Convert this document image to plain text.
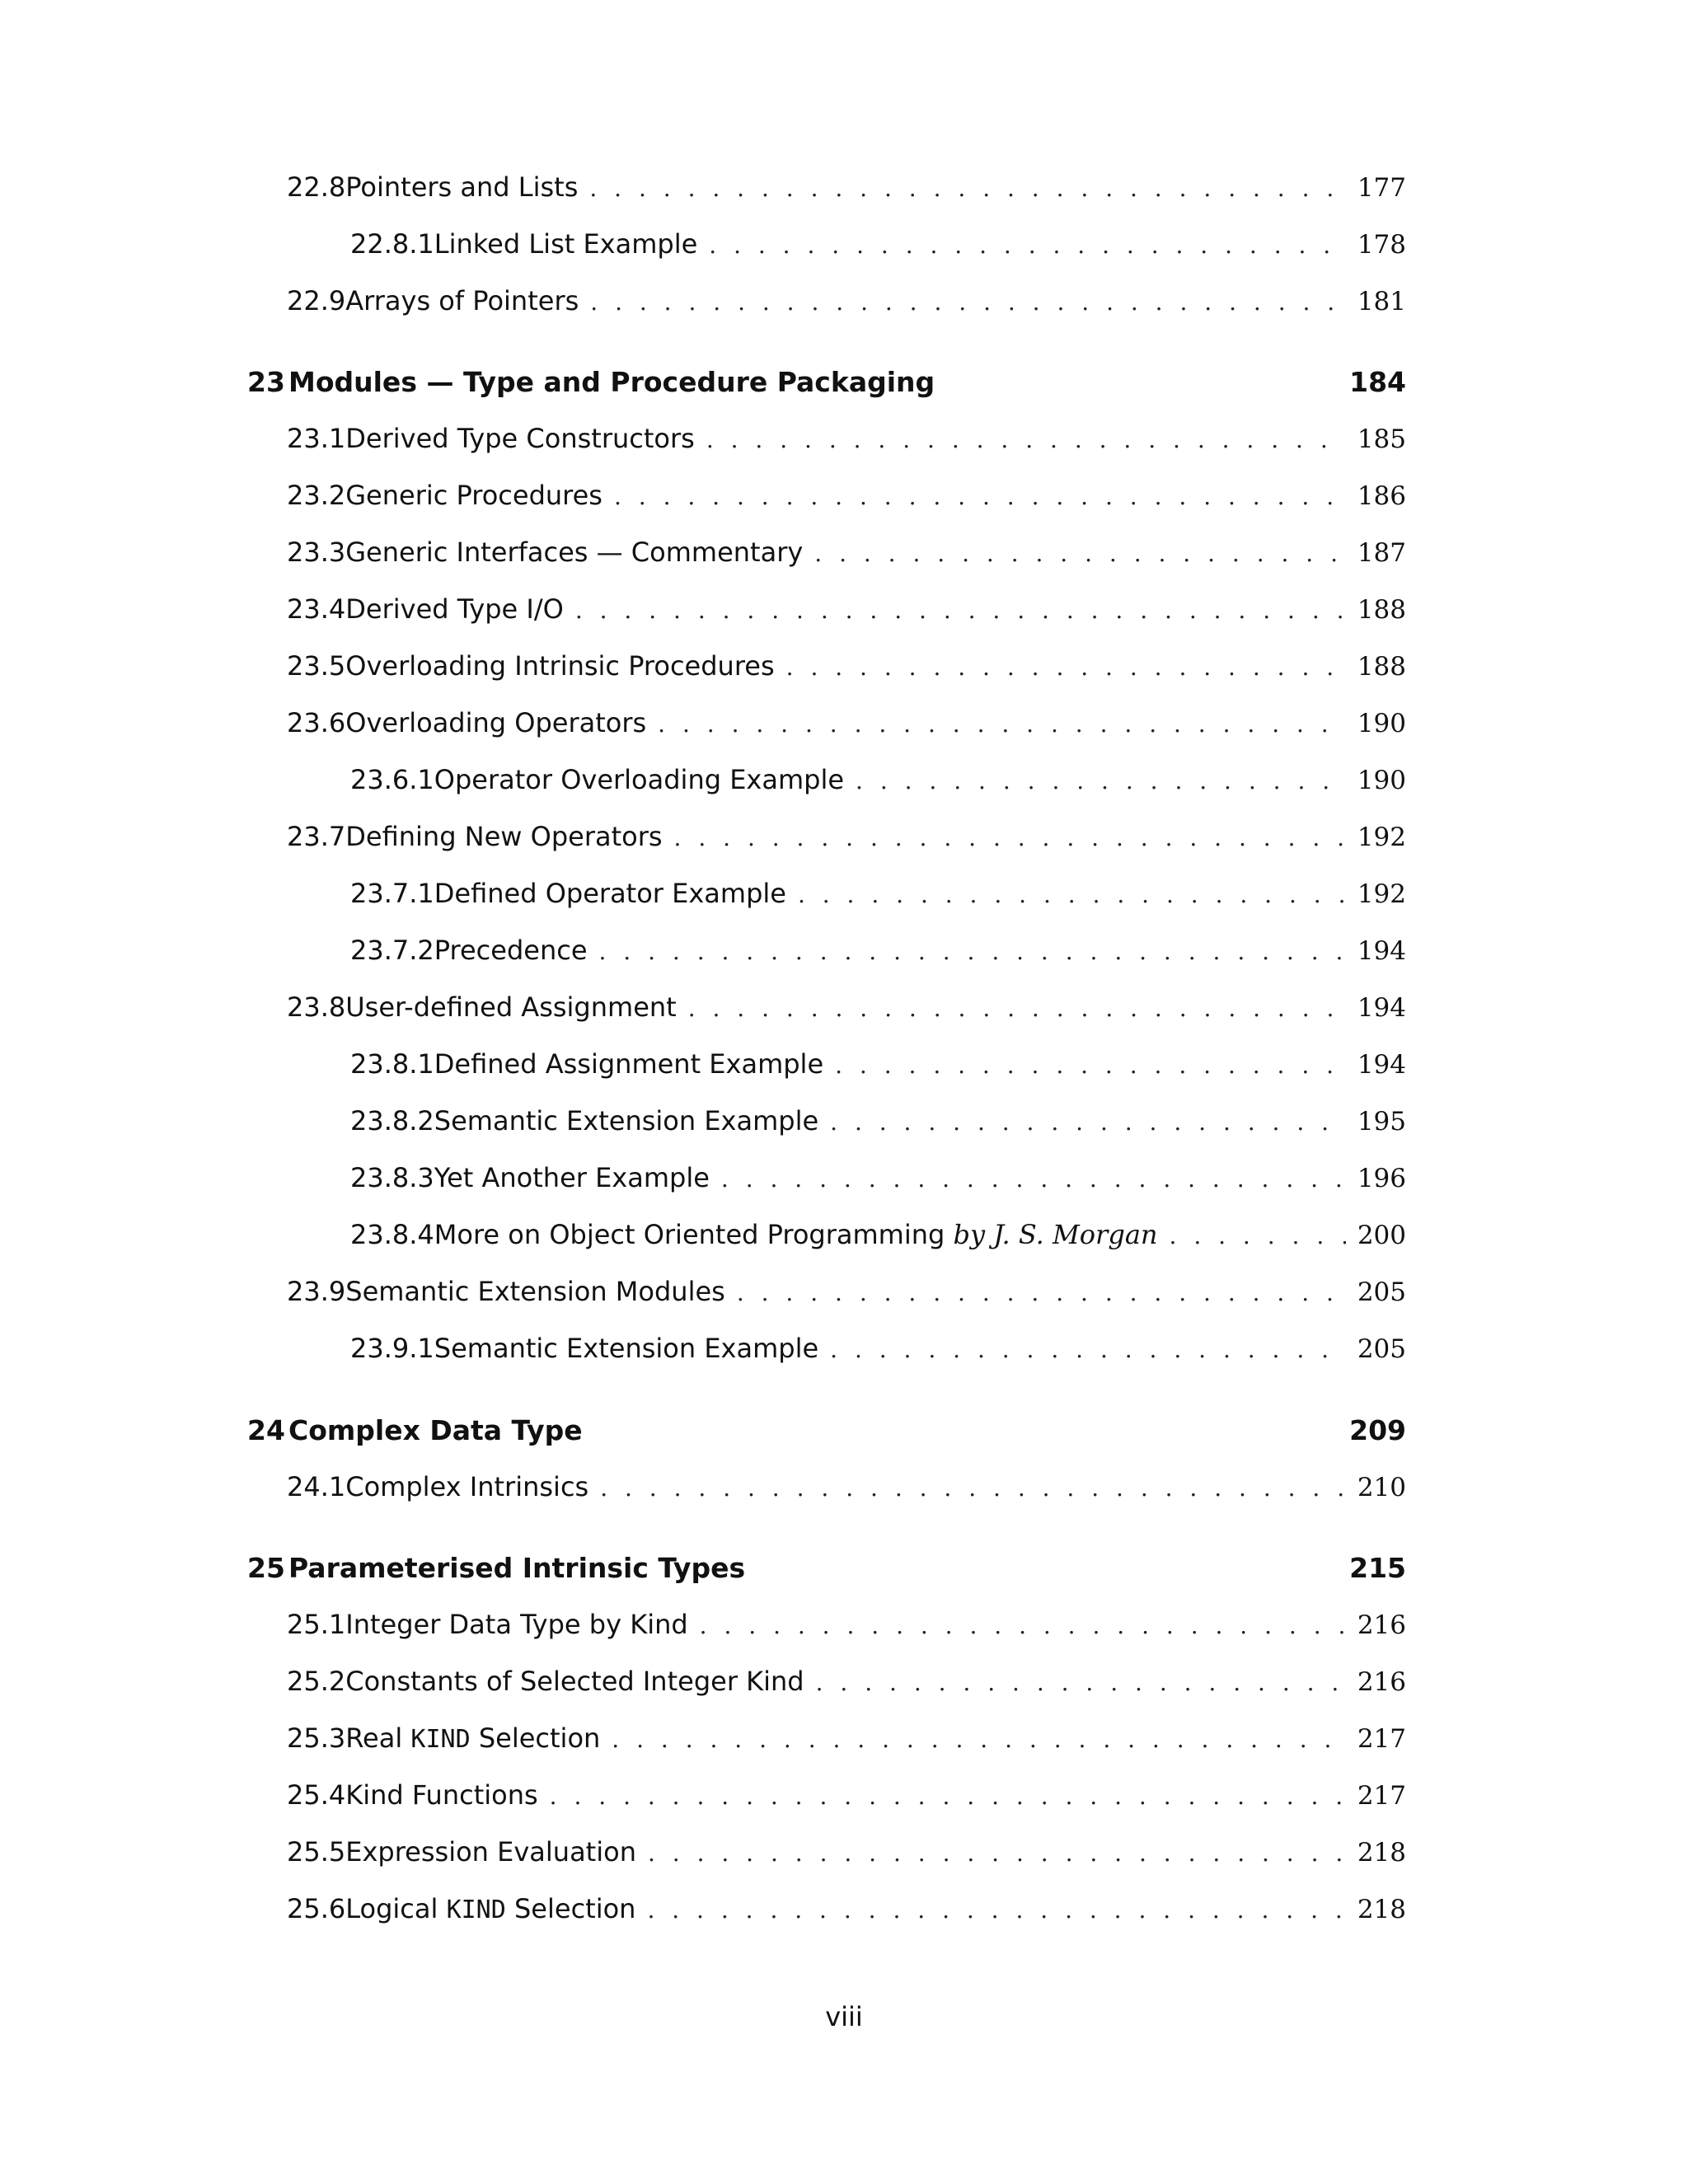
22.8 Pointers and Lists . . .	177
22.8.1 Linked List Example . . .	178
22.9 Arrays of Pointers . . .	181
23 Modules — Type and Procedure Packaging	184
23.1 Derived Type Constructors . . .	185
23.2 Generic Procedures . . .	186
23.3 Generic Interfaces — Commentary . . .	187
23.4 Derived Type I/O . . .	188
23.5 Overloading Intrinsic Procedures . . .	188
23.6 Overloading Operators . . .	190
23.6.1 Operator Overloading Example . . .	190
23.7 Defining New Operators . . .	192
23.7.1 Defined Operator Example . . .	192
23.7.2 Precedence . . .	194
23.8 User-defined Assignment . . .	194
23.8.1 Defined Assignment Example . . .	194
23.8.2 Semantic Extension Example . . .	195
23.8.3 Yet Another Example . . .	196
23.8.4 More on Object Oriented Programming by J. S. Morgan . . .	200
23.9 Semantic Extension Modules . . .	205
23.9.1 Semantic Extension Example . . .	205
24 Complex Data Type	209
24.1 Complex Intrinsics . . .	210
25 Parameterised Intrinsic Types	215
25.1 Integer Data Type by Kind . . .	216
25.2 Constants of Selected Integer Kind . . .	216
25.3 Real KIND Selection . . .	217
25.4 Kind Functions . . .	217
25.5 Expression Evaluation . . .	218
25.6 Logical KIND Selection . . .	218
viii
